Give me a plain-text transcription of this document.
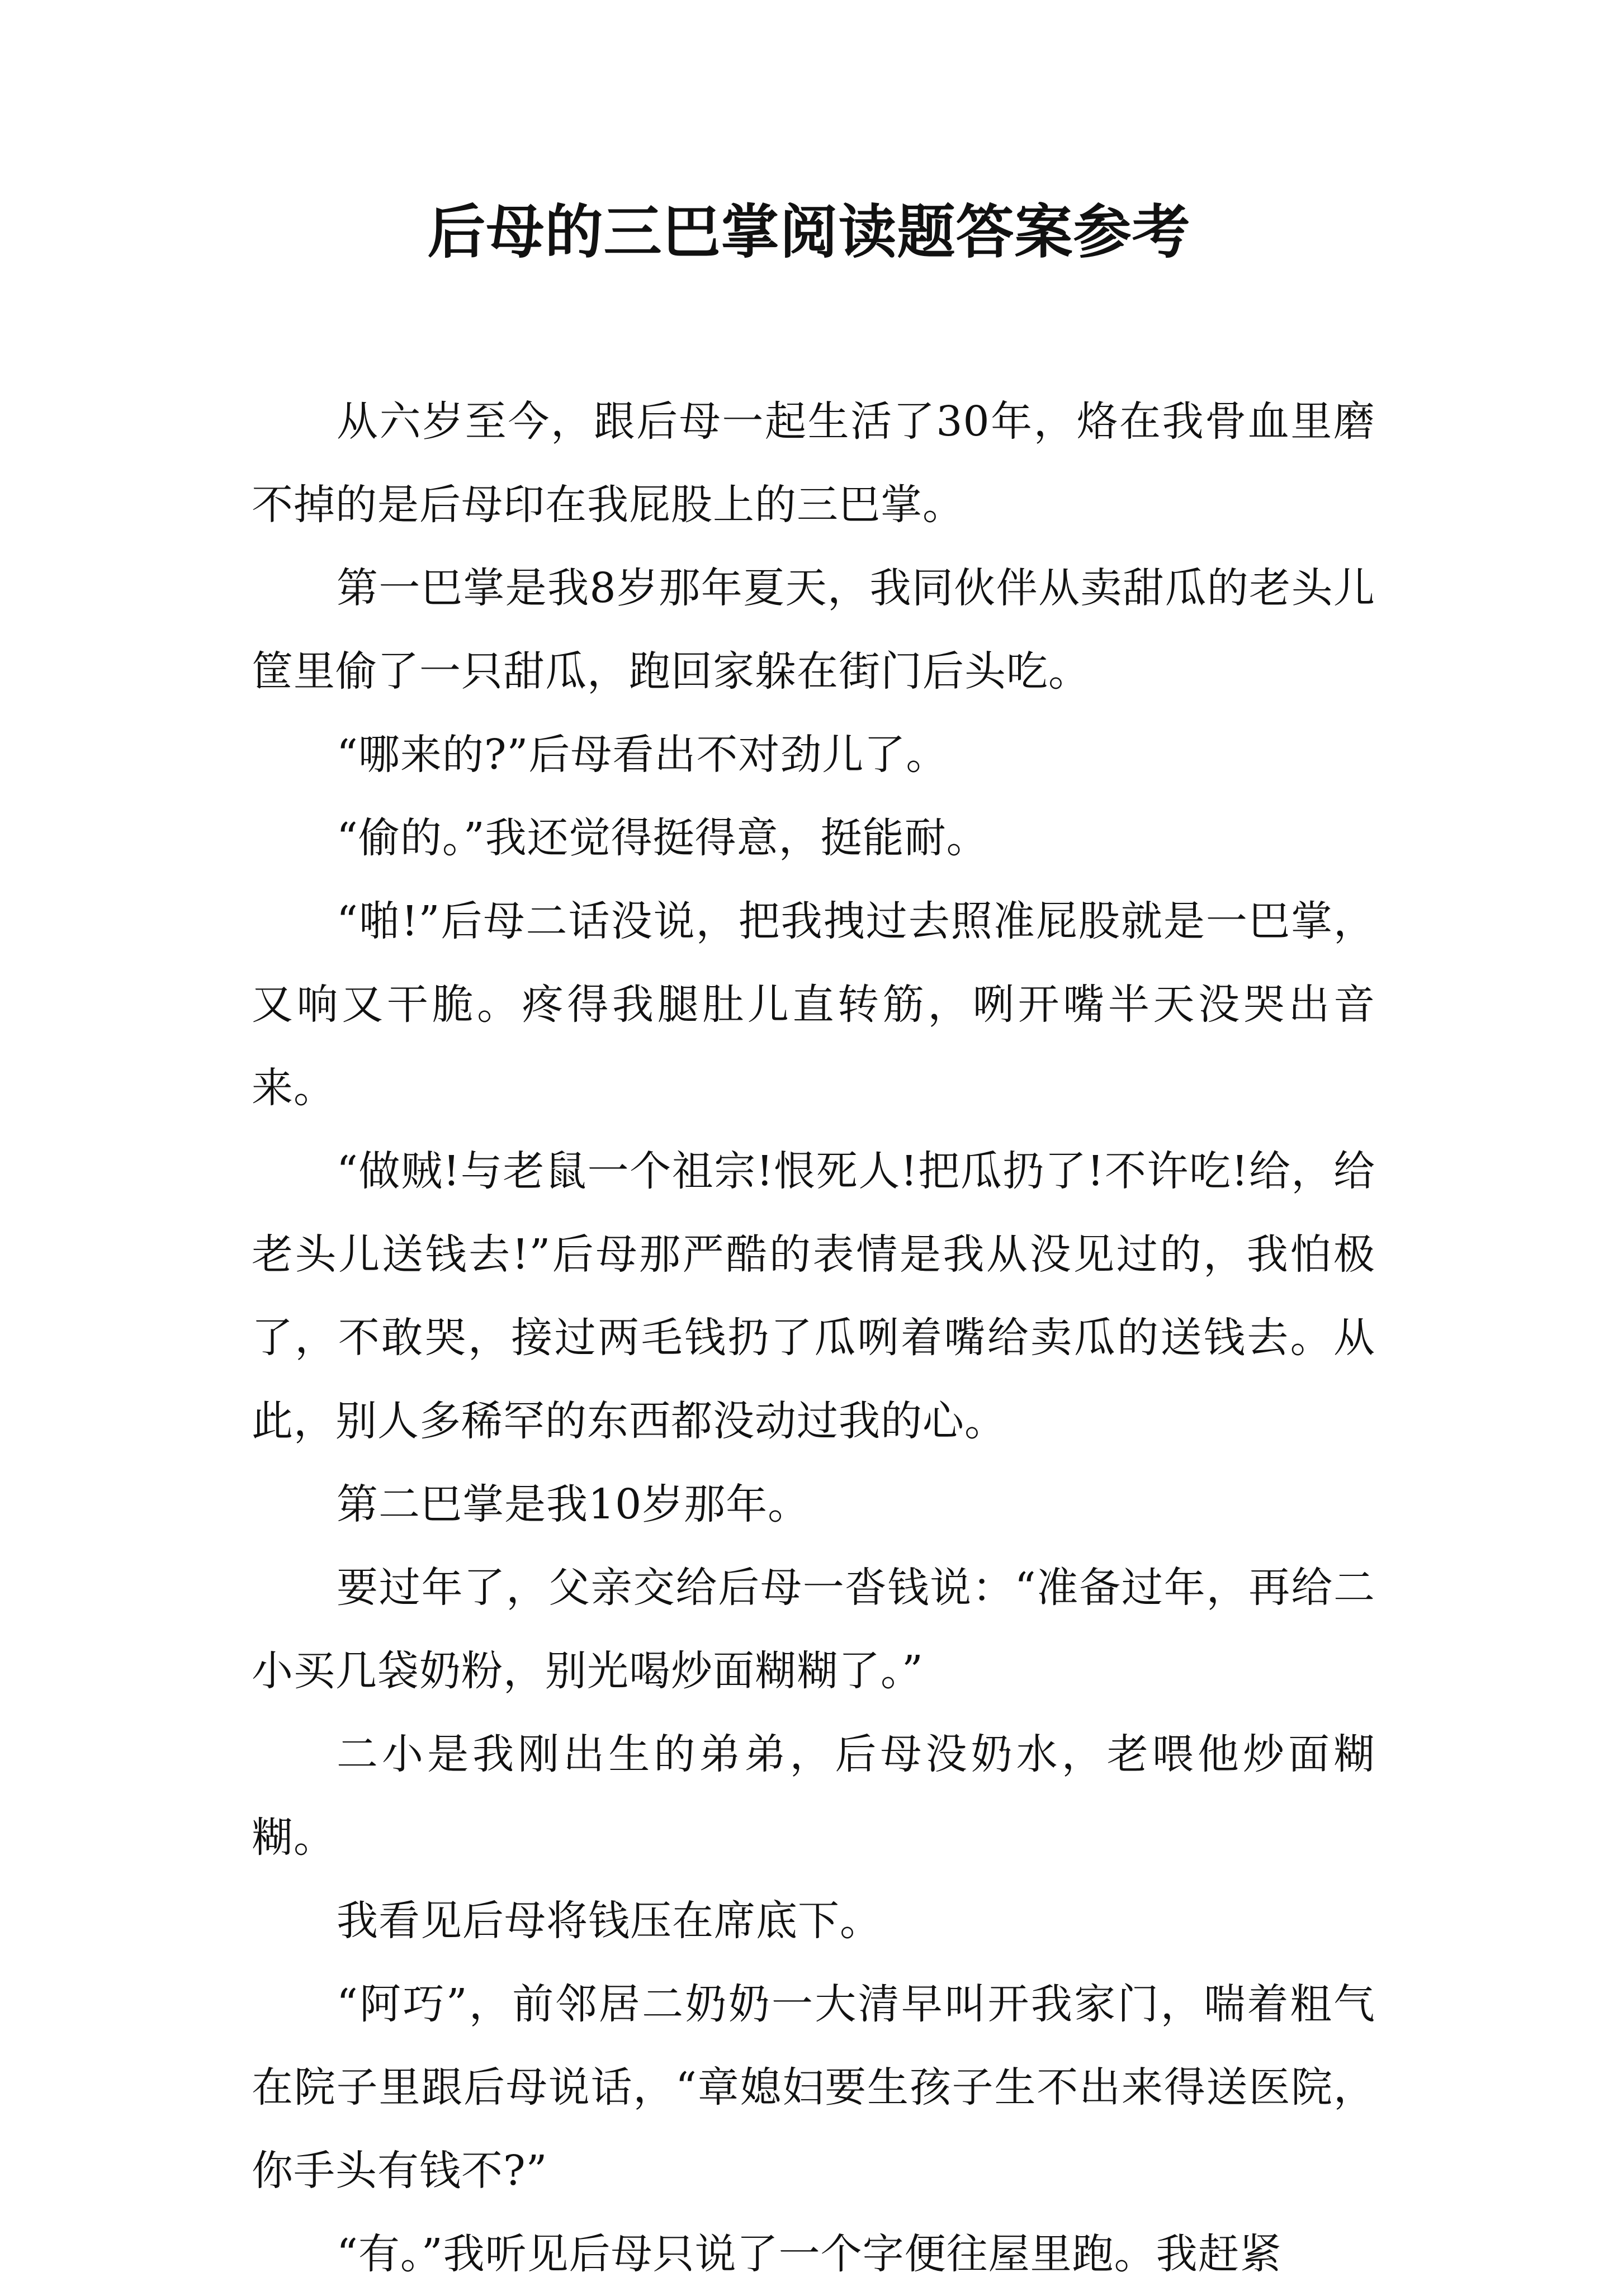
后母的三巴掌阅读题答案参考

从六岁至今，跟后母一起生活了30年，烙在我骨血里磨不掉的是后母印在我屁股上的三巴掌。

第一巴掌是我8岁那年夏天，我同伙伴从卖甜瓜的老头儿筐里偷了一只甜瓜，跑回家躲在街门后头吃。

“哪来的?”后母看出不对劲儿了。

“偷的。”我还觉得挺得意，挺能耐。

“啪!”后母二话没说，把我拽过去照准屁股就是一巴掌，又响又干脆。疼得我腿肚儿直转筋，咧开嘴半天没哭出音来。

“做贼!与老鼠一个祖宗!恨死人!把瓜扔了!不许吃!给，给老头儿送钱去!”后母那严酷的表情是我从没见过的，我怕极了，不敢哭，接过两毛钱扔了瓜咧着嘴给卖瓜的送钱去。从此，别人多稀罕的东西都没动过我的心。

第二巴掌是我10岁那年。

要过年了，父亲交给后母一沓钱说：“准备过年，再给二小买几袋奶粉，别光喝炒面糊糊了。”

二小是我刚出生的弟弟，后母没奶水，老喂他炒面糊糊。

我看见后母将钱压在席底下。

“阿巧”，前邻居二奶奶一大清早叫开我家门，喘着粗气在院子里跟后母说话，“章媳妇要生孩子生不出来得送医院，你手头有钱不?”

“有。”我听见后母只说了一个字便往屋里跑。我赶紧
